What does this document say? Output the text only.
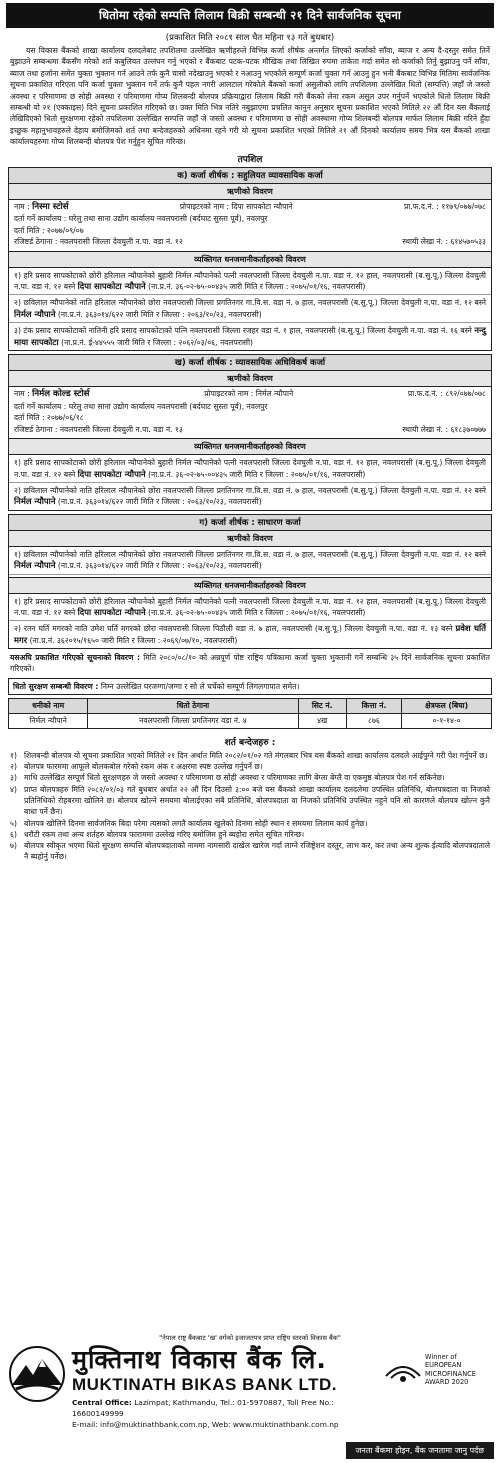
धितोमा रहेको सम्पत्ति लिलाम बिक्री सम्बन्धी २१ दिने सार्वजनिक सूचना
(प्रकाशित मिति २०८१ साल चैत महिना १३ गते बुधबार)
यस विकास बैंकको शाखा कार्यालय दलदलेबाट तपशिलमा उल्लेखित ऋणीहरुले विभिन्न कर्जा शीर्षक अन्तर्गत लिएको कर्जाको साँवा, ब्याज र अन्य दै-दस्तुर समेत तिर्ने बुझाउने सम्बन्धमा बैंकसँग गरेको शर्त कबुलियत उल्लंघन गर्नु भएको र बैंकबाट पटक-पटक मौखिक तथा लिखित रुपमा ताकेता गर्दा समेत सो कर्जाको तिर्नु बुझाउनु पर्ने साँवा, ब्याज तथा हर्जाना समेत चुक्ता भुक्तान गर्न आउने तर्फ कुनै चासो नदेखाउनु भएको र नआउनु भएकोले सम्पूर्ण कर्जा चुक्ता गर्न आउनु हुन भनी बैंकबाट विभिन्न मितिमा सार्वजनिक सूचना प्रकाशित गरिएता पनि कर्जा चुक्ता भुक्तान गर्ने तर्फ कुनै पहल नगरी आलटाल गरेकोले बैंकको कर्जा असुलीको लागि तपशिलमा उल्लेखित धितो (सम्पत्ति) जहाँ जे जस्तो अवस्था र परिमाणमा छ सोही अवस्था र परिमाणमा गोप्य शिलबन्दी बोलपत्र प्रक्रियाद्वारा लिलाम बिक्री गरी बैंकको लेना रकम असुल उपर गर्नुपर्ने भएकोले धितो लिलाम बिक्री सम्बन्धी यो २१ (एक्काइस) दिने सूचना प्रकाशित गरिएको छ। उक्त मिति भित्र नतिरे नबुझाएमा प्रचलित कानुन अनुसार सूचना प्रकाशित भएको मितिले २२ औं दिन यस बैंकलाई लेखिदिएको धितो सुरक्षणमा रहेको तपशिलमा उल्लेखित सम्पत्ति जहाँ जे जस्तो अवस्था र परिमाणमा छ सोही अवस्थामा गोप्य शिलबन्दी बोलपत्र मार्फत लिलाम बिक्री गरिने हुँदा इच्छुक महानुभावहरुले देहाय बमोजिमको शर्त तथा बन्देजहरुको अधिनमा रहने गरी यो सूचना प्रकाशित भएको मितिले २१ औं दिनको कार्यालय समय भित्र यस बैंकको शाखा कार्यालयहरुमा गोप्य शिलबन्दी बोलपत्र पेश गर्नुहुन सूचित गरिन्छ।
तपशिल
क) कर्जा शीर्षक : सहुलियत व्यावसायिक कर्जा
ऋणीको विवरण
नाम : निस्मा स्टोर्स	प्रोपाइटरको नाम : दिपा सापकोटा न्यौपाने	प्रा.फ.द.नं. : ११७९/०७७/०७८
दर्ता गर्ने कार्यालय : घरेलु तथा साना उद्योग कार्यालय नवलपरासी (बर्दघाट सुस्ता पूर्व), नवलपुर
दर्ता मिति : २०७७/०९/०७
रजिष्टर्ड ठेगाना : नवलपरासी जिल्ला देवचुली न.पा. वडा नं. १२	स्थायी लेखा नं. : ६१४५७०५३३
व्यक्तिगत धनजमानीकर्ताहरुको विवरण
१) हरि प्रसाद सापकोटाको छोरी हरिलाल न्यौपानेको बुहारी निर्मल न्यौपानेको पत्नी नवलपरासी जिल्ला देवचुली न.पा. वडा नं. १२ हाल, नवलपरासी (ब.सु.पू.) जिल्ला देवचुली न.पा. वडा नं. १२ बस्ने दिपा सापकोटा न्यौपाने (ना.प्र.नं. ३६-०२-७५-००४३५ जारी मिति र जिल्ला : २०७५/०१/१६, नवलपरासी)
२) छविलाल न्यौपानेको नाति हरिलाल न्यौपानेको छोरा नवलपरासी जिल्ला प्रगतिनगर गा.वि.स. वडा नं. ७ हाल, नवलपरासी (ब.सु.पू.) जिल्ला देवचुली न.पा. वडा नं. १२ बस्ने निर्मल न्यौपाने (ना.प्र.नं. ३६३०१४/६२२ जारी मिति र जिल्ला : २०६३/१०/२३, नवलपरासी)
३) टंक प्रसाद सापकोटाको नातिनी हरि प्रसाद सापकोटाको पत्नि नवलपरासी जिल्ला रजहर वडा नं. १ हाल, नवलपरासी (ब.सु.पू.) जिल्ला देवचुली न.पा. वडा नं. १६ बस्ने नन्दु माया सापकोटा (ना.प्र.नं. ई-४४५५५ जारी मिति र जिल्ला : २०६२/०३/०६, नवलपरासी)
ख) कर्जा शीर्षक : व्यावसायिक अधिविकर्ष कर्जा
ऋणीको विवरण
नाम : निर्मल कोल्ड स्टोर्स	प्रोपाइटरको नाम : निर्मल न्यौपाने	प्रा.फ.द.नं. : ८९२/०७७/०७८
दर्ता गर्ने कार्यालय : घरेलु तथा साना उद्योग कार्यालय नवलपरासी (बर्दघाट सुस्ता पूर्व), नवलपुर
दर्ता मिति : २०७७/०६/१८
रजिष्टर्ड ठेगाना : नवलपरासी जिल्ला देवचुली न.पा. वडा नं. १३	स्थायी लेखा नं. : ६१८३७०७७७
व्यक्तिगत धनजमानीकर्ताहरुको विवरण
१) हरि प्रसाद सापकोटाको छोरी हरिलाल न्यौपानेको बुहारी निर्मल न्यौपानेको पत्नी नवलपरासी जिल्ला देवचुली न.पा. वडा नं. १२ हाल, नवलपरासी (ब.सु.पू.) जिल्ला देवचुली न.पा. वडा नं. १२ बस्ने दिपा सापकोटा न्यौपाने (ना.प्र.नं. ३६-०२-७५-००४३५ जारी मिति र जिल्ला : २०७५/०१/१६, नवलपरासी)
२) छविलाल न्यौपानेको नाति हरिलाल न्यौपानेको छोरा नवलपरासी जिल्ला प्रगतिनगर गा.वि.स. वडा नं. ७ हाल, नवलपरासी (ब.सु.पू.) जिल्ला देवचुली न.पा. वडा नं. १२ बस्ने निर्मल न्यौपाने (ना.प्र.नं. ३६३०१४/६२२ जारी मिति र जिल्ला : २०६३/१०/२३, नवलपरासी)
ग) कर्जा शीर्षक : साधारण कर्जा
ऋणीको विवरण
१) छविलाल न्यौपानेको नाति हरिलाल न्यौपानेको छोरा नवलपरासी जिल्ला प्रगतिनगर गा.वि.स. वडा नं. ७ हाल, नवलपरासी (ब.सु.पू.) जिल्ला देवचुली न.पा. वडा नं. १२ बस्ने निर्मल न्यौपाने (ना.प्र.नं. ३६३०१४/६२२ जारी मिति र जिल्ला : २०६३/१०/२३, नवलपरासी)
व्यक्तिगत धनजमानीकर्ताहरुको विवरण
१) हरि प्रसाद सापकोटाको छोरी हरिलाल न्यौपानेको बुहारी निर्मल न्यौपानेको पत्नी नवलपरासी जिल्ला देवचुली न.पा. वडा नं. १२ हाल, नवलपरासी (ब.सु.पू.) जिल्ला देवचुली न.पा. वडा नं. १२ बस्ने दिपा सापकोटा न्यौपाने (ना.प्र.नं. ३६-०२-७५-००४३५ जारी मिति र जिल्ला : २०७५/०१/१६, नवलपरासी)
२) रतन घर्ति मगरको नाति उमेश घर्ति मगरको छोरा नवलपरासी जिल्ला पिठौली वडा नं. ७ हाल, नवलपरासी (ब.सु.पू.) जिल्ला देवचुली न.पा. वडा नं. १३ बस्ने प्रवेश घर्ति मगर (ना.प्र.नं. ३६२०१५/१६५० जारी मिति र जिल्ला : २०६९/०७/१०, नवलपरासी)
यसअघि प्रकाशित गरिएको सूचनाको विवरण : मिति २०८०/०८/१० को अन्नपूर्ण पोष्ट राष्ट्रिय पत्रिकामा कर्जा चुक्ता भुक्तानी गर्ने सम्बन्धि ३५ दिने सार्वजनिक सूचना प्रकाशित गरिएको।
धितो सुरक्षण सम्बन्धी विवरण : निम्न उल्लेखित घरजग्गा/जग्गा र सो ले चर्चेको सम्पूर्ण लिगलगापात समेत।
धनीको नाम	धितो ठेगाना	सिट नं.	कित्ता नं.	क्षेत्रफल (बिघा)
निर्मल न्यौपाने	नवलपरासी जिल्ला प्रगतिनगर वडा नं. ४	४ख	८७६	०-१-१४-०
शर्त बन्देजहरु :
१) शिलबन्दी बोलपत्र यो सूचना प्रकाशित भएको मितिले २१ दिन अर्थात मिति २०८२/०१/०२ गते मंगलबार भित्र यस बैंकको शाखा कार्यालय दलदले आईपुग्ने गरी पेश गर्नुपर्ने छ।
२) बोलपत्र फारममा आफूले बोलकबोल गरेको रकम अंक र अक्षरमा स्पष्ट उल्लेख गर्नुपर्ने छ।
३) माथि उल्लेखित सम्पूर्ण धितो सुरक्षणहरु जे जस्तो अवस्था र परिमाणमा छ सोही अवस्था र परिमाणका लागि बेग्ला बेग्लै वा एकमुष्ठ बोलपत्र पेश गर्न सकिनेछ।
४) प्राप्त बोलपत्रहरु मिति २०८२/०१/०३ गते बुधबार अर्थात २२ औं दिन दिउसो ३:०० बजे यस बैंकको शाखा कार्यालय दलदलेमा उपस्थित प्रतिनिधि, बोलपत्रदाता वा निजको प्रतिनिधिको रोहबरमा खोलिने छ। बोलपत्र खोल्ने समयमा बोलाईएका सबै प्रतिनिधि, बोलपत्रदाता वा निजको प्रतिनिधि उपस्थित नहुने पनि सो कारणले बोलपत्र खोल्न कुनै बाधा पर्ने छैन।
५) बोलपत्र खोलिने दिनमा सार्वजनिक बिदा परेमा त्यसको लगतै कार्यालय खुलेको दिनमा सोही स्थान र समयमा लिलाम कार्य हुनेछ।
६) धरौटी रकम तथा अन्य शर्तहरु बोलपत्र फाराममा उल्लेख गरिए बमोजिम हुने ब्यहोरा समेत सूचित गरिन्छ।
७) बोलपत्र स्वीकृत भएमा धितो सुरक्षण सम्पत्ति बोलपत्रदाताको नाममा नामसारी दाखेल खारेज गर्दा लाग्ने रजिष्ट्रेशन दस्तुर, लाभ कर, कर तथा अन्य शुल्क ईत्यादि बोलपत्रदाताले नै ब्यहोर्नु पर्नेछ।
"नेपाल राष्ट्र बैंकबाट 'ख' वर्गको इजाजतपत्र प्राप्त राष्ट्रिय स्तरको विकास बैंक"
मुक्तिनाथ विकास बैंक लि.
MUKTINATH BIKAS BANK LTD.
Central Office: Lazimpat, Kathmandu, Tel.: 01-5970887, Toll Free No.: 16600149999
E-mail: info@muktinathbank.com.np, Web: www.muktinathbank.com.np
Winner of
EUROPEAN
MICROFINANCE
AWARD 2020
जनता बैंकमा होइन, बैंक जनतामा जानु पर्दछ
